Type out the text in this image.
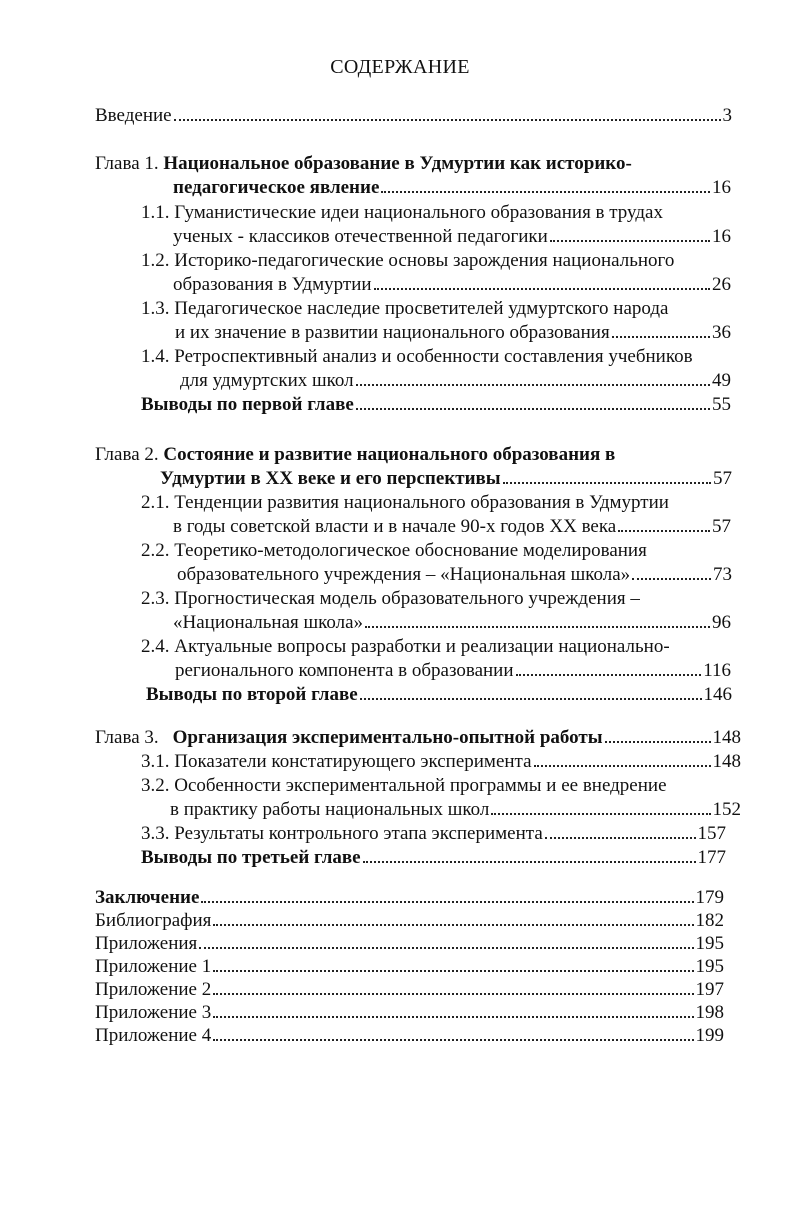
СОДЕРЖАНИЕ
Введение	3
Глава 1. Национальное образование в Удмуртии как историко-
педагогическое явление	16
1.1. Гуманистические идеи национального образования в трудах
ученых - классиков отечественной педагогики	16
1.2. Историко-педагогические основы зарождения национального
образования в Удмуртии	26
1.3. Педагогическое наследие просветителей удмуртского народа
и их значение в развитии национального образования	36
1.4. Ретроспективный анализ и особенности составления учебников
для удмуртских школ	49
Выводы по первой главе	55
Глава 2. Состояние и развитие национального образования в
Удмуртии в XX веке и его перспективы	57
2.1. Тенденции развития национального образования в Удмуртии
в годы советской власти и в начале 90-х годов XX века	57
2.2. Теоретико-методологическое обоснование моделирования
образовательного учреждения – «Национальная школа»	73
2.3. Прогностическая модель образовательного учреждения –
«Национальная школа»	96
2.4. Актуальные вопросы разработки и реализации национально-
регионального компонента в образовании	116
Выводы по второй главе	146
Глава 3. Организация экспериментально-опытной работы	148
3.1. Показатели констатирующего эксперимента	148
3.2. Особенности экспериментальной программы и ее внедрение
в практику работы национальных школ	152
3.3. Результаты контрольного этапа эксперимента	157
Выводы по третьей главе	177
Заключение	179
Библиография	182
Приложения	195
Приложение 1	195
Приложение 2	197
Приложение 3	198
Приложение 4	199
